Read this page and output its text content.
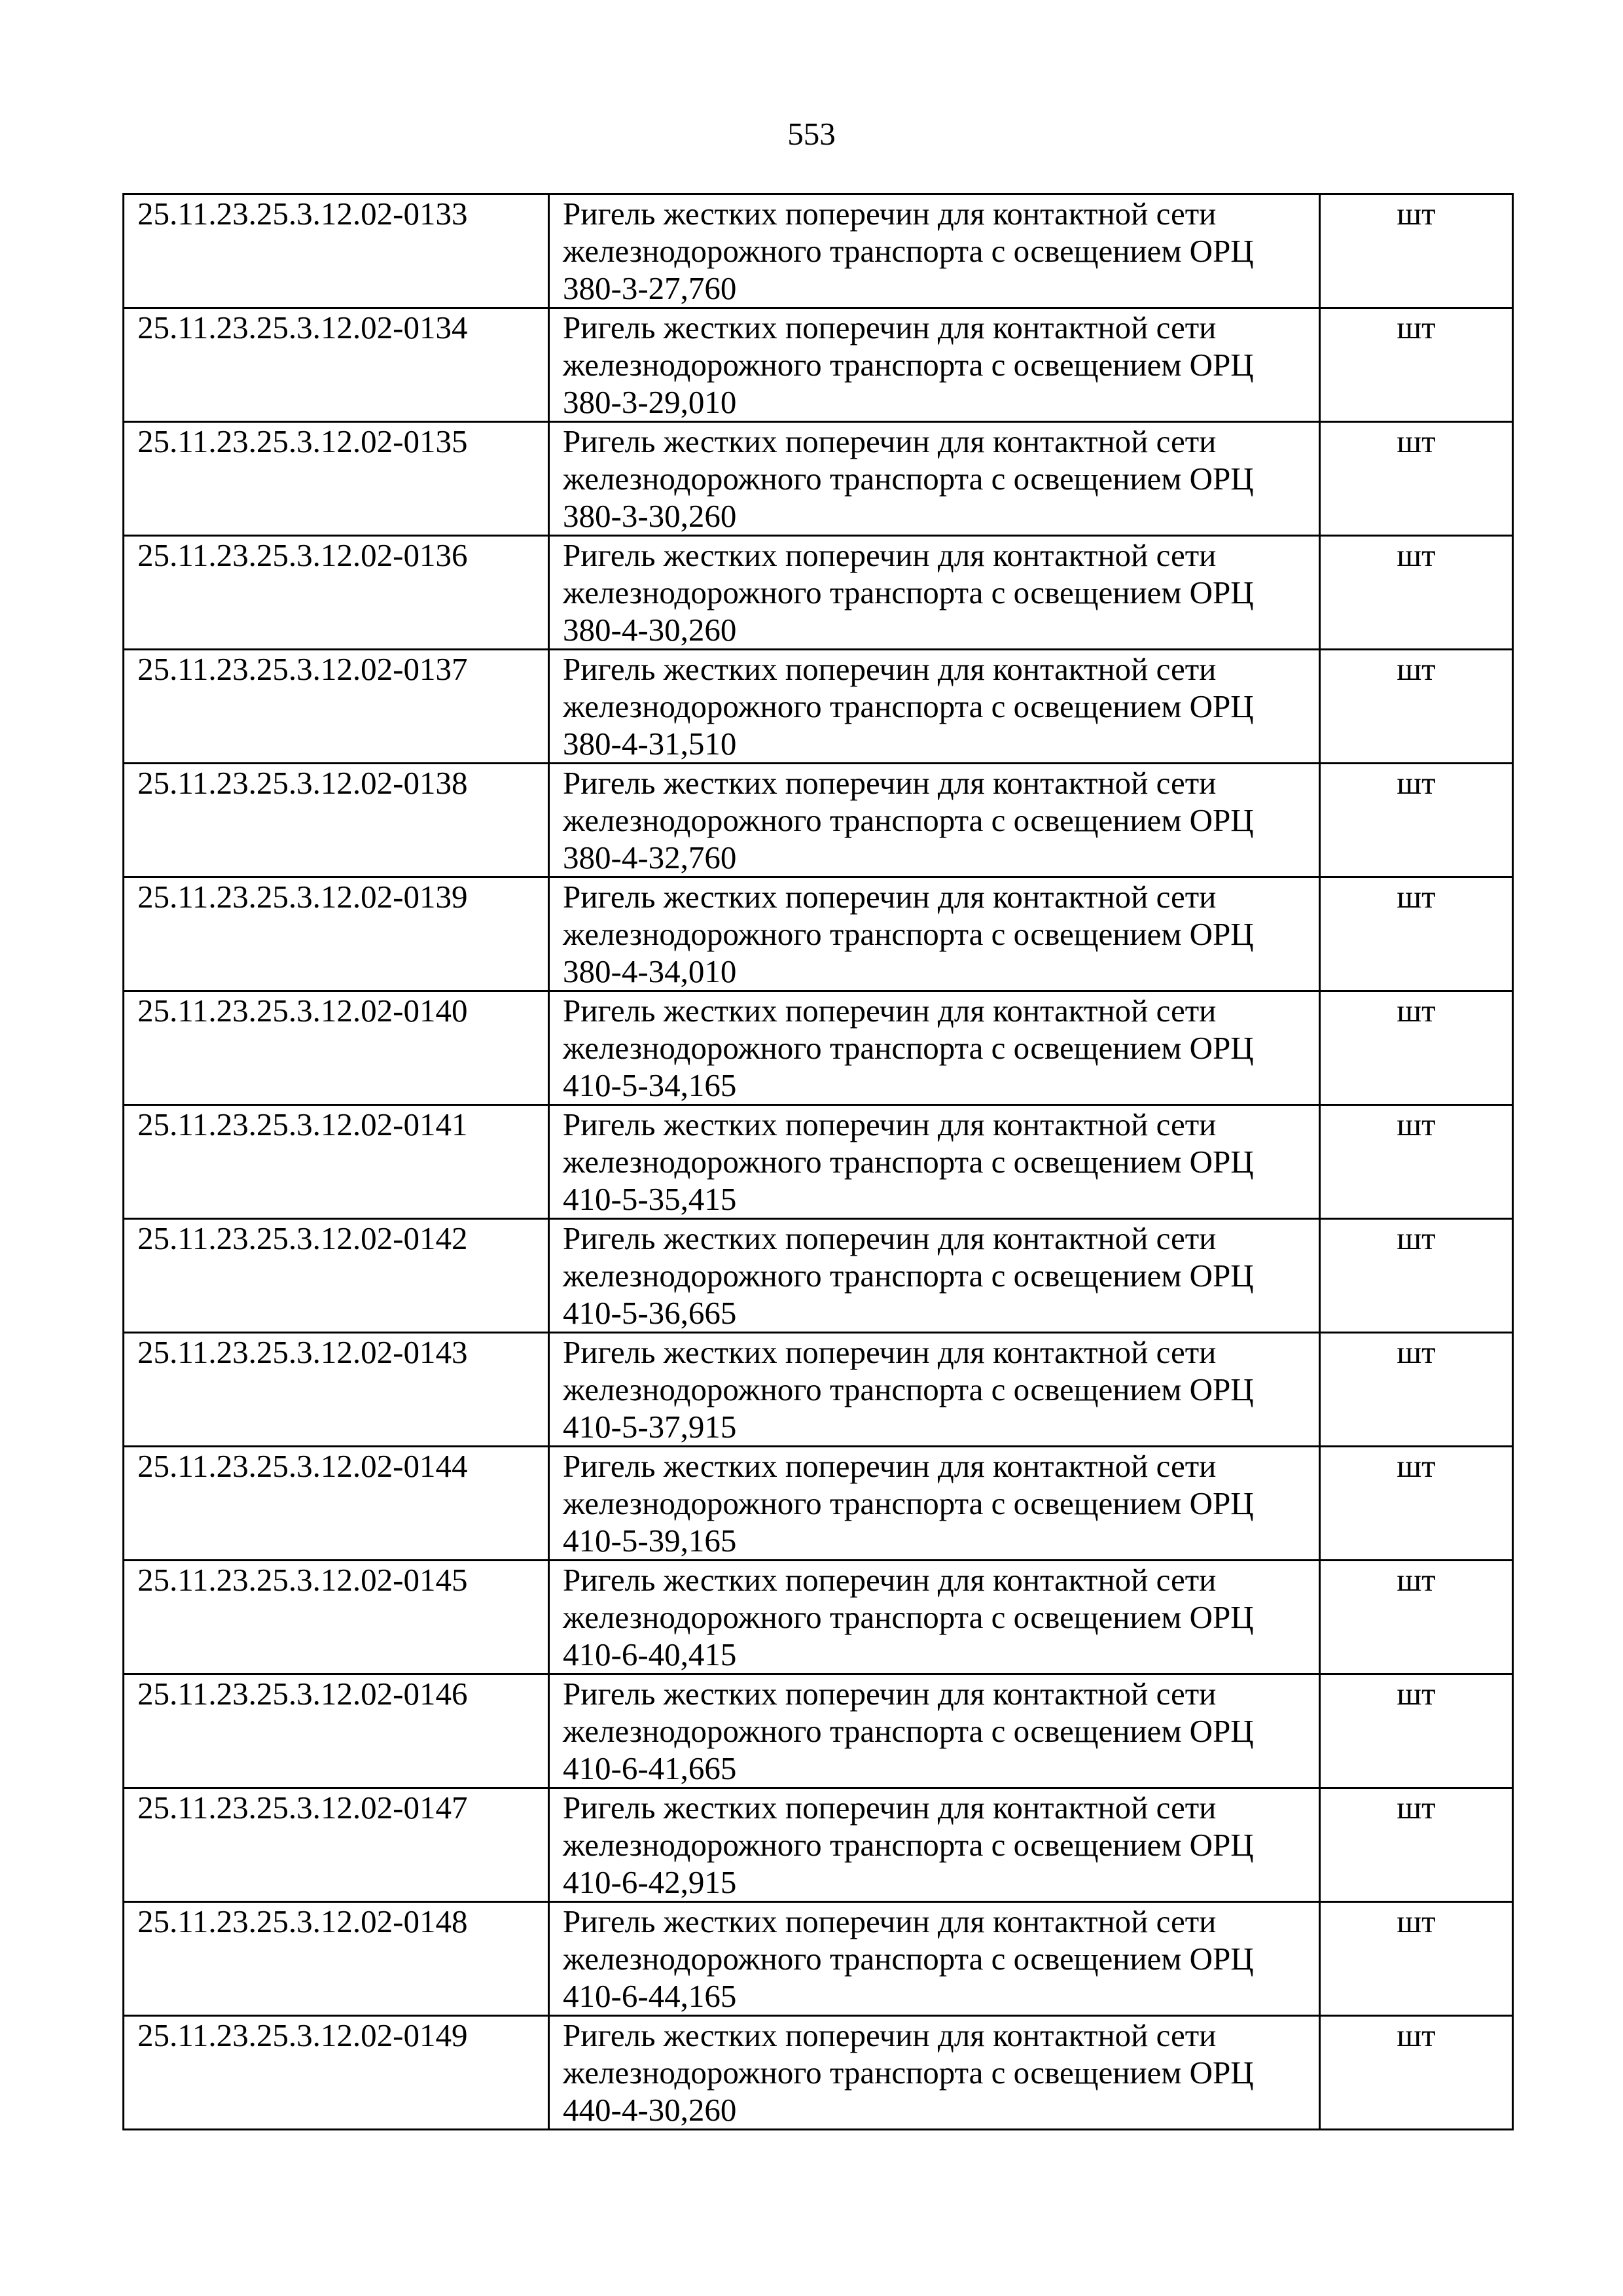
553
25.11.23.25.3.12.02-0133	Ригель жестких поперечин для контактной сети
железнодорожного транспорта с освещением ОРЦ
380-3-27,760	шт
25.11.23.25.3.12.02-0134	Ригель жестких поперечин для контактной сети
железнодорожного транспорта с освещением ОРЦ
380-3-29,010	шт
25.11.23.25.3.12.02-0135	Ригель жестких поперечин для контактной сети
железнодорожного транспорта с освещением ОРЦ
380-3-30,260	шт
25.11.23.25.3.12.02-0136	Ригель жестких поперечин для контактной сети
железнодорожного транспорта с освещением ОРЦ
380-4-30,260	шт
25.11.23.25.3.12.02-0137	Ригель жестких поперечин для контактной сети
железнодорожного транспорта с освещением ОРЦ
380-4-31,510	шт
25.11.23.25.3.12.02-0138	Ригель жестких поперечин для контактной сети
железнодорожного транспорта с освещением ОРЦ
380-4-32,760	шт
25.11.23.25.3.12.02-0139	Ригель жестких поперечин для контактной сети
железнодорожного транспорта с освещением ОРЦ
380-4-34,010	шт
25.11.23.25.3.12.02-0140	Ригель жестких поперечин для контактной сети
железнодорожного транспорта с освещением ОРЦ
410-5-34,165	шт
25.11.23.25.3.12.02-0141	Ригель жестких поперечин для контактной сети
железнодорожного транспорта с освещением ОРЦ
410-5-35,415	шт
25.11.23.25.3.12.02-0142	Ригель жестких поперечин для контактной сети
железнодорожного транспорта с освещением ОРЦ
410-5-36,665	шт
25.11.23.25.3.12.02-0143	Ригель жестких поперечин для контактной сети
железнодорожного транспорта с освещением ОРЦ
410-5-37,915	шт
25.11.23.25.3.12.02-0144	Ригель жестких поперечин для контактной сети
железнодорожного транспорта с освещением ОРЦ
410-5-39,165	шт
25.11.23.25.3.12.02-0145	Ригель жестких поперечин для контактной сети
железнодорожного транспорта с освещением ОРЦ
410-6-40,415	шт
25.11.23.25.3.12.02-0146	Ригель жестких поперечин для контактной сети
железнодорожного транспорта с освещением ОРЦ
410-6-41,665	шт
25.11.23.25.3.12.02-0147	Ригель жестких поперечин для контактной сети
железнодорожного транспорта с освещением ОРЦ
410-6-42,915	шт
25.11.23.25.3.12.02-0148	Ригель жестких поперечин для контактной сети
железнодорожного транспорта с освещением ОРЦ
410-6-44,165	шт
25.11.23.25.3.12.02-0149	Ригель жестких поперечин для контактной сети
железнодорожного транспорта с освещением ОРЦ
440-4-30,260	шт
